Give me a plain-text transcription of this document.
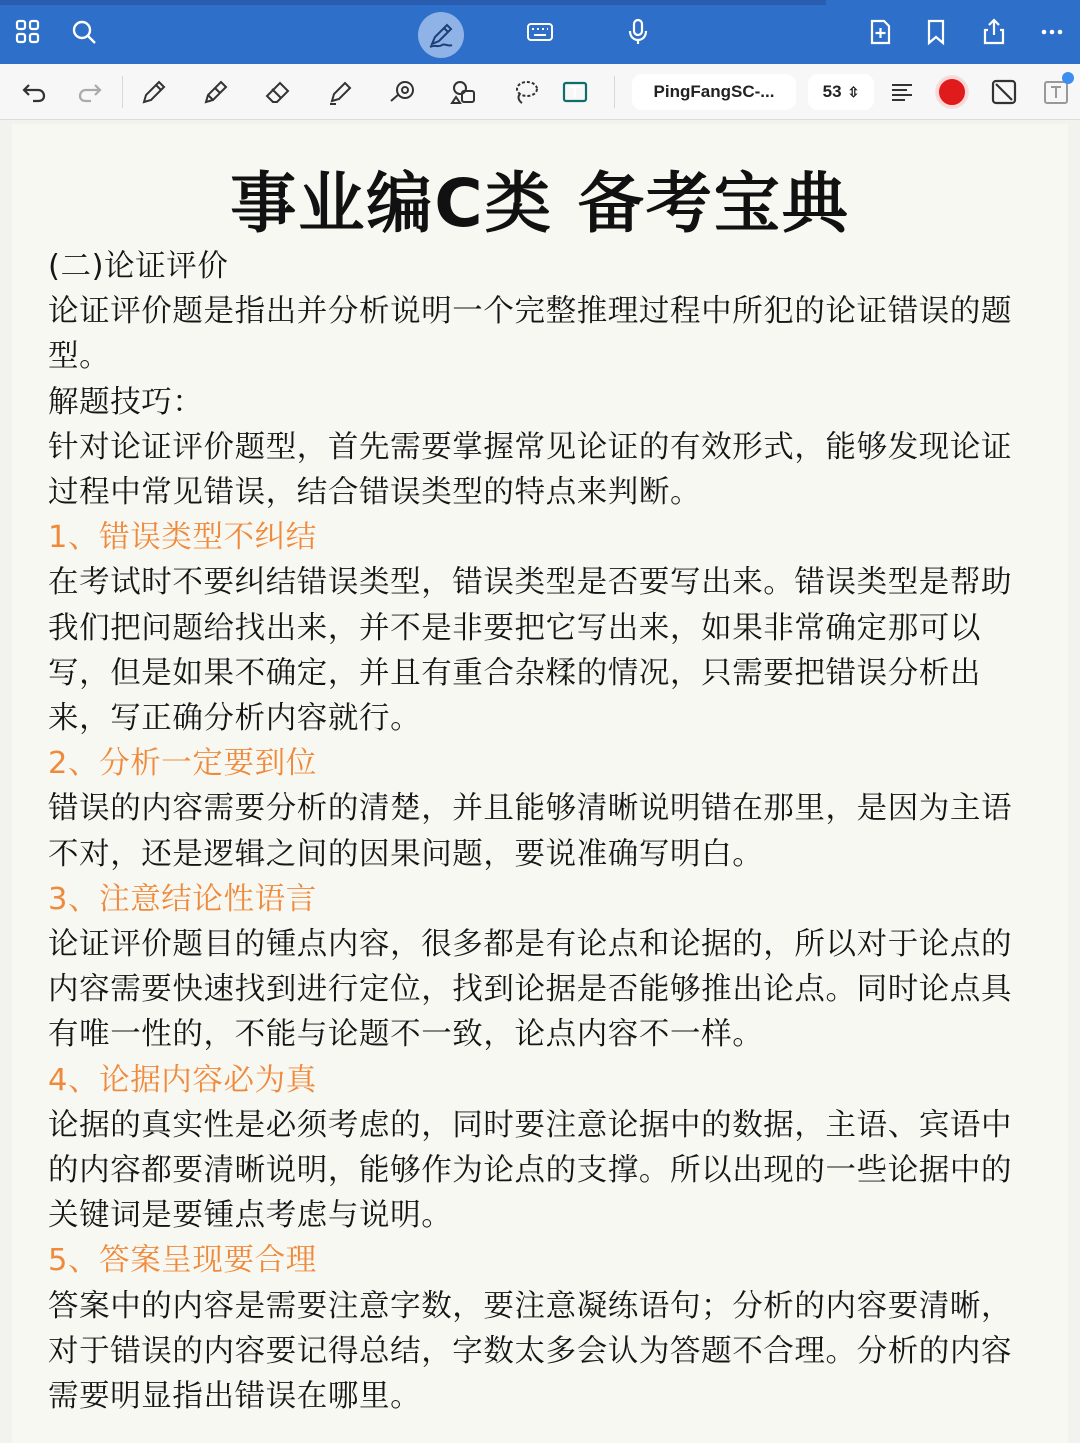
PingFangSC-...	53 ⇳
事业编C类 备考宝典

(二)论证评价

论证评价题是指出并分析说明一个完整推理过程中所犯的论证错误的题型。

解题技巧：

针对论证评价题型，首先需要掌握常见论证的有效形式，能够发现论证过程中常见错误，结合错误类型的特点来判断。

1、错误类型不纠结

在考试时不要纠结错误类型，错误类型是否要写出来。错误类型是帮助我们把问题给找出来，并不是非要把它写出来，如果非常确定那可以写，但是如果不确定，并且有重合杂糅的情况，只需要把错误分析出来，写正确分析内容就行。

2、分析一定要到位

错误的内容需要分析的清楚，并且能够清晰说明错在那里，是因为主语不对，还是逻辑之间的因果问题，要说准确写明白。

3、注意结论性语言

论证评价题目的锺点内容，很多都是有论点和论据的，所以对于论点的内容需要快速找到进行定位，找到论据是否能够推出论点。同时论点具有唯一性的，不能与论题不一致，论点内容不一样。

4、论据内容必为真

论据的真实性是必须考虑的，同时要注意论据中的数据，主语、宾语中的内容都要清晰说明，能够作为论点的支撑。所以出现的一些论据中的关键词是要锺点考虑与说明。

5、答案呈现要合理

答案中的内容是需要注意字数，要注意凝练语句；分析的内容要清晰，对于错误的内容要记得总结，字数太多会认为答题不合理。分析的内容需要明显指出错误在哪里。
